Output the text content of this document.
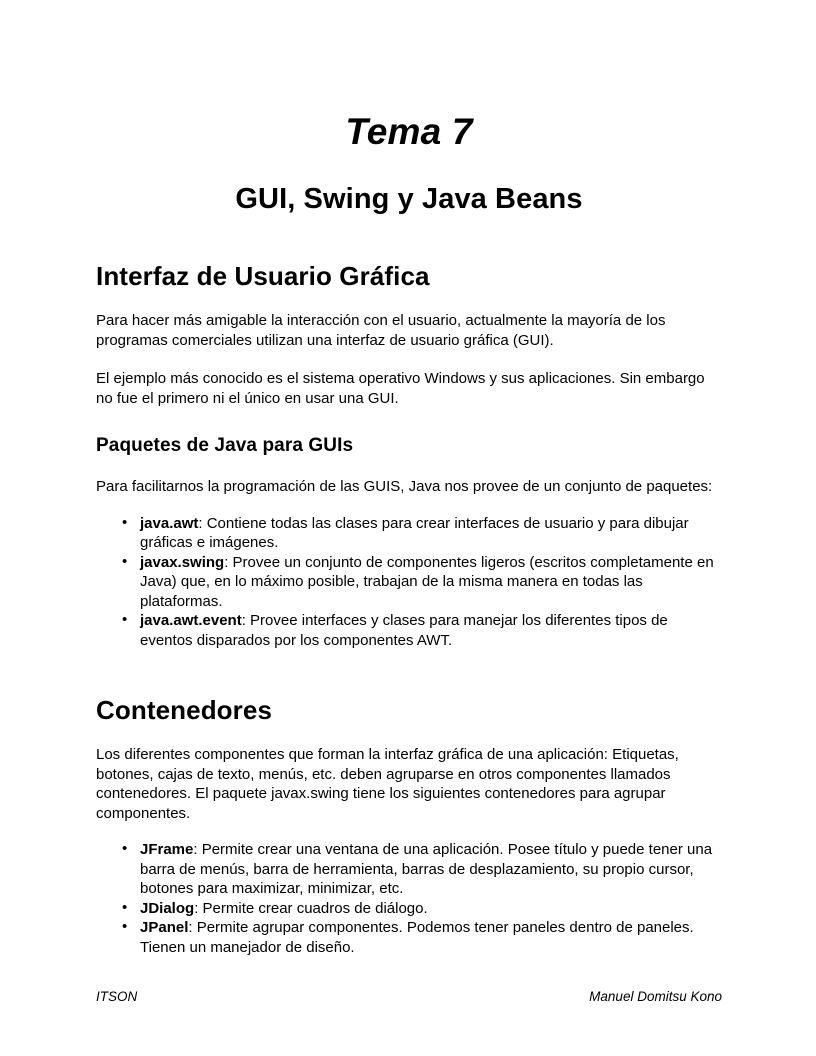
Tema 7
GUI, Swing y Java Beans
Interfaz de Usuario Gráfica

Para hacer más amigable la interacción con el usuario, actualmente la mayoría de los programas comerciales utilizan una interfaz de usuario gráfica (GUI).

El ejemplo más conocido es el sistema operativo Windows y sus aplicaciones. Sin embargo no fue el primero ni el único en usar una GUI.

Paquetes de Java para GUIs

Para facilitarnos la programación de las GUIS, Java nos provee de un conjunto de paquetes:

• java.awt: Contiene todas las clases para crear interfaces de usuario y para dibujar gráficas e imágenes.
• javax.swing: Provee un conjunto de componentes ligeros (escritos completamente en Java) que, en lo máximo posible, trabajan de la misma manera en todas las plataformas.
• java.awt.event: Provee interfaces y clases para manejar los diferentes tipos de eventos disparados por los componentes AWT.
Contenedores

Los diferentes componentes que forman la interfaz gráfica de una aplicación: Etiquetas, botones, cajas de texto, menús, etc. deben agruparse en otros componentes llamados contenedores. El paquete javax.swing tiene los siguientes contenedores para agrupar componentes.

• JFrame: Permite crear una ventana de una aplicación. Posee título y puede tener una barra de menús, barra de herramienta, barras de desplazamiento, su propio cursor, botones para maximizar, minimizar, etc.
• JDialog: Permite crear cuadros de diálogo.
• JPanel: Permite agrupar componentes. Podemos tener paneles dentro de paneles. Tienen un manejador de diseño.
ITSON	Manuel Domitsu Kono
